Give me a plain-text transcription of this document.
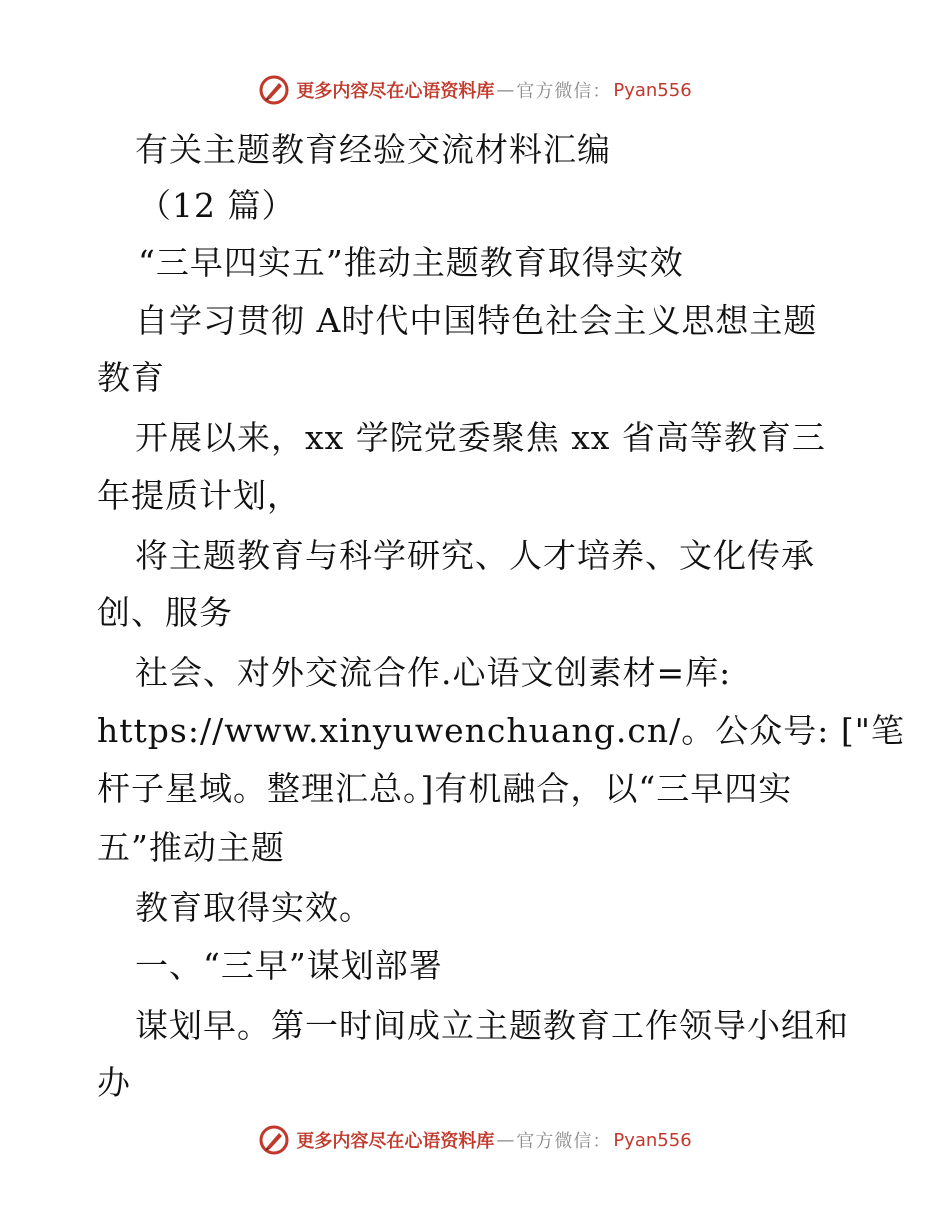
更多内容尽在心语资料库 — 官方微信： Pyan556
有关主题教育经验交流材料汇编
（12 篇）
“三早四实五”推动主题教育取得实效
自学习贯彻 A时代中国特色社会主义思想主题
教育
开展以来，xx 学院党委聚焦 xx 省高等教育三
年提质计划，
将主题教育与科学研究、人才培养、文化传承
创、服务
社会、对外交流合作.心语文创素材=库:
https://www.xinyuwenchuang.cn/。公众号: ["笔
杆子星域。整理汇总。]有机融合，以“三早四实
五”推动主题
教育取得实效。
一、“三早”谋划部署
谋划早。第一时间成立主题教育工作领导小组和
办
更多内容尽在心语资料库 — 官方微信： Pyan556
